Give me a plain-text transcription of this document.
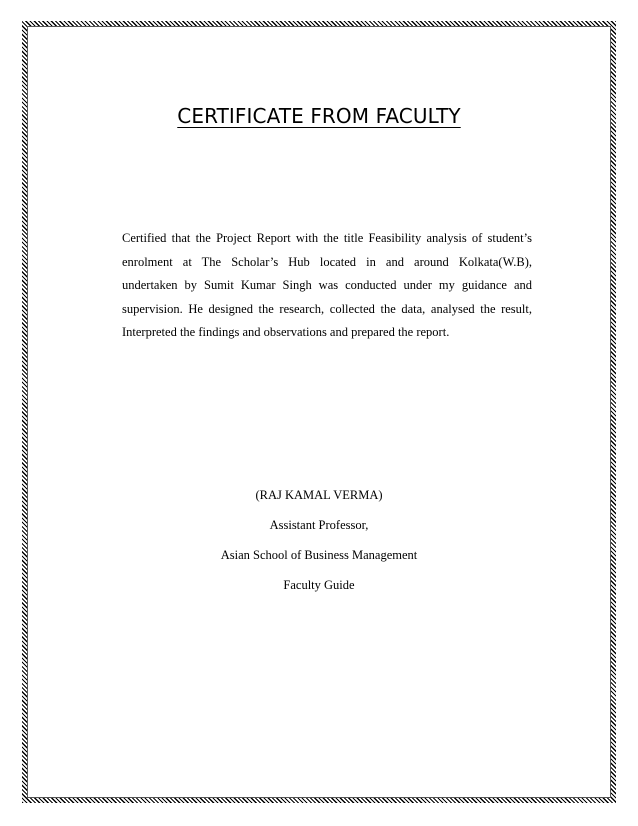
CERTIFICATE FROM FACULTY
Certified that the Project Report with the title Feasibility analysis of student’s
enrolment at The Scholar’s Hub located in and around Kolkata(W.B),
undertaken by Sumit Kumar Singh was conducted under my guidance and
supervision. He designed the research, collected the data, analysed the result,
Interpreted the findings and observations and prepared the report.
(RAJ KAMAL VERMA)
Assistant Professor,
Asian School of Business Management
Faculty Guide
